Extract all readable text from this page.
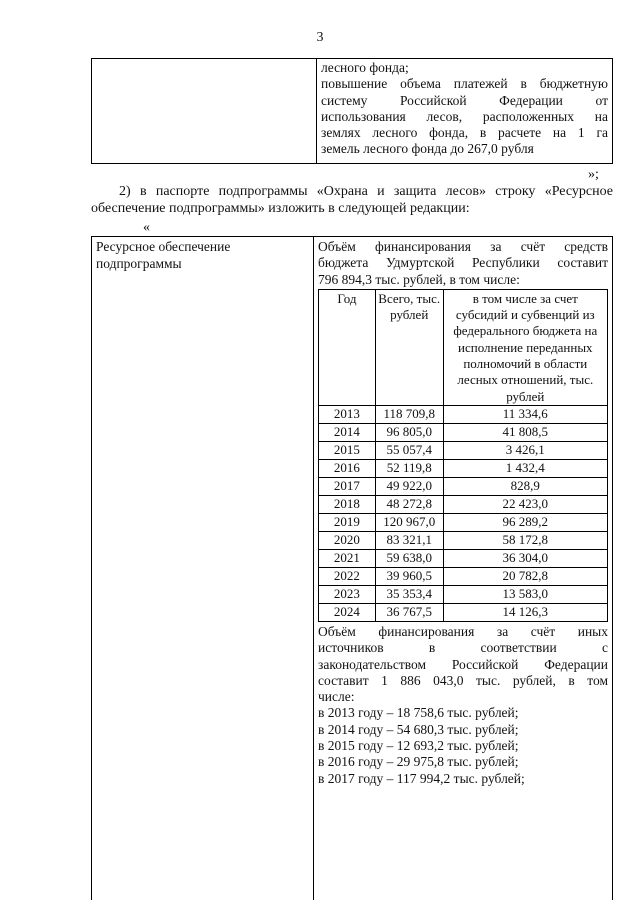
3
лесного фонда;
повышение объема платежей в бюджетную
систему Российской Федерации от
использования лесов, расположенных на
землях лесного фонда, в расчете на 1 га
земель лесного фонда до 267,0 рубля
»;
2) в паспорте подпрограммы «Охрана и защита лесов» строку «Ресурсное
обеспечение подпрограммы» изложить в следующей редакции:
«
Ресурсное обеспечение подпрограммы
Объём финансирования за счёт средств
бюджета Удмуртской Республики составит
796 894,3 тыс. рублей, в том числе:
Год	Всего, тыс. рублей	в том числе за счет субсидий и субвенций из федерального бюджета на исполнение переданных полномочий в области лесных отношений, тыс. рублей
2013	118 709,8	11 334,6
2014	96 805,0	41 808,5
2015	55 057,4	3 426,1
2016	52 119,8	1 432,4
2017	49 922,0	828,9
2018	48 272,8	22 423,0
2019	120 967,0	96 289,2
2020	83 321,1	58 172,8
2021	59 638,0	36 304,0
2022	39 960,5	20 782,8
2023	35 353,4	13 583,0
2024	36 767,5	14 126,3
Объём финансирования за счёт иных
источников в соответствии с
законодательством Российской Федерации
составит 1 886 043,0 тыс. рублей, в том
числе:
в 2013 году – 18 758,6 тыс. рублей;
в 2014 году – 54 680,3 тыс. рублей;
в 2015 году – 12 693,2 тыс. рублей;
в 2016 году – 29 975,8 тыс. рублей;
в 2017 году – 117 994,2 тыс. рублей;
